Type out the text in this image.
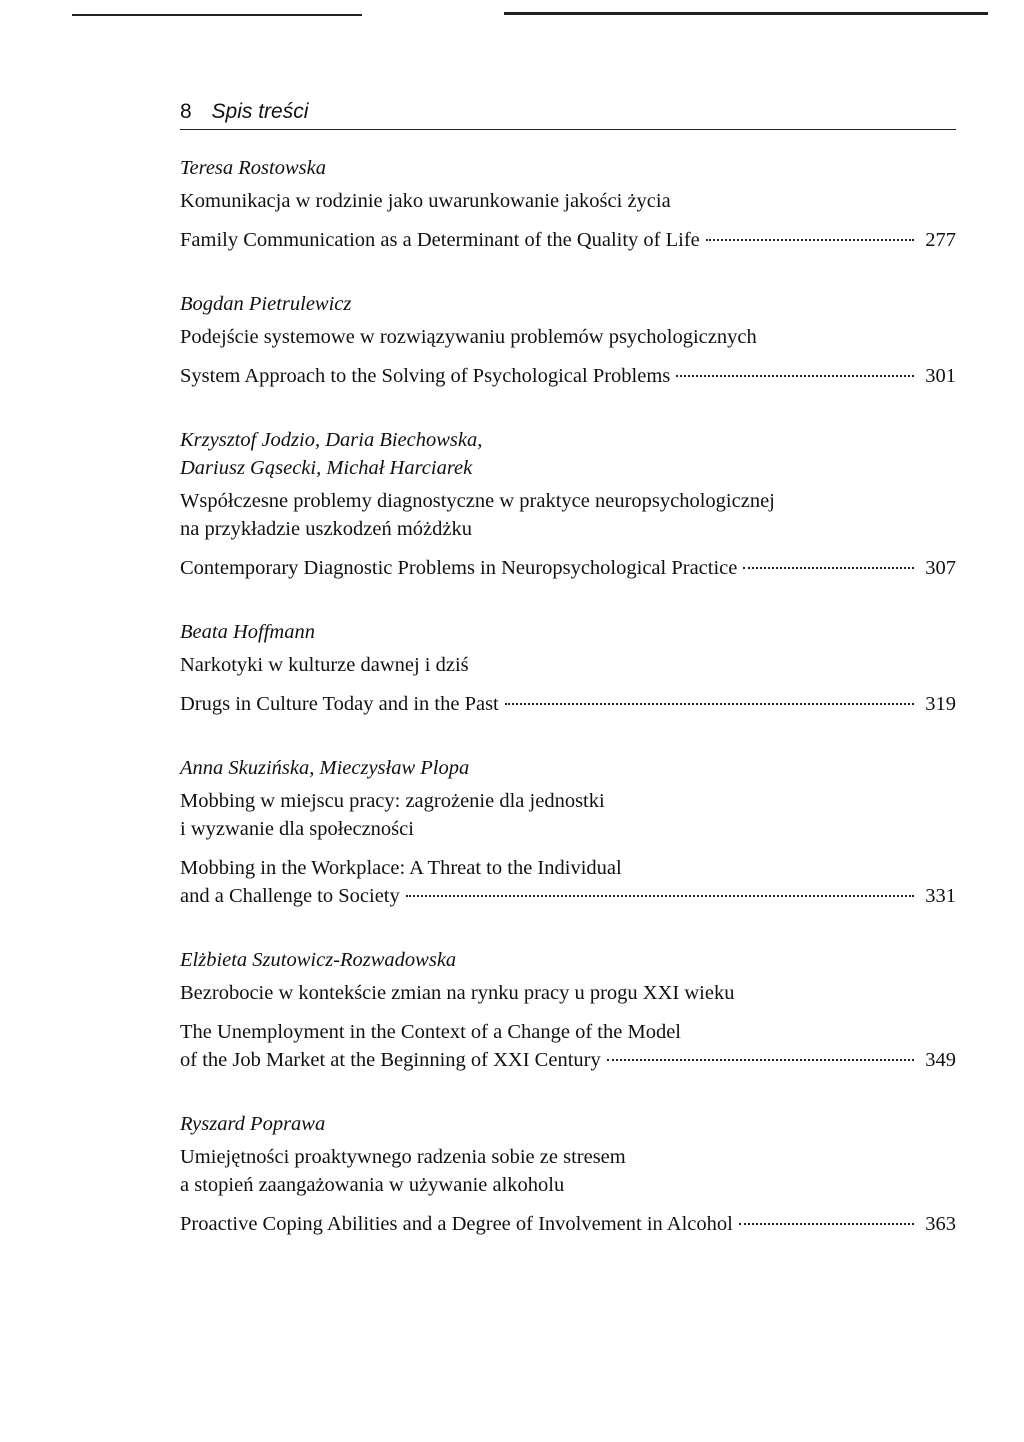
8 Spis treści
Teresa Rostowska
Komunikacja w rodzinie jako uwarunkowanie jakości życia
Family Communication as a Determinant of the Quality of Life	277
Bogdan Pietrulewicz
Podejście systemowe w rozwiązywaniu problemów psychologicznych
System Approach to the Solving of Psychological Problems	301
Krzysztof Jodzio, Daria Biechowska,
Dariusz Gąsecki, Michał Harciarek
Współczesne problemy diagnostyczne w praktyce neuropsychologicznej
na przykładzie uszkodzeń móżdżku
Contemporary Diagnostic Problems in Neuropsychological Practice	307
Beata Hoffmann
Narkotyki w kulturze dawnej i dziś
Drugs in Culture Today and in the Past	319
Anna Skuzińska, Mieczysław Plopa
Mobbing w miejscu pracy: zagrożenie dla jednostki
i wyzwanie dla społeczności
Mobbing in the Workplace: A Threat to the Individual
and a Challenge to Society	331
Elżbieta Szutowicz-Rozwadowska
Bezrobocie w kontekście zmian na rynku pracy u progu XXI wieku
The Unemployment in the Context of a Change of the Model
of the Job Market at the Beginning of XXI Century	349
Ryszard Poprawa
Umiejętności proaktywnego radzenia sobie ze stresem
a stopień zaangażowania w używanie alkoholu
Proactive Coping Abilities and a Degree of Involvement in Alcohol	363
